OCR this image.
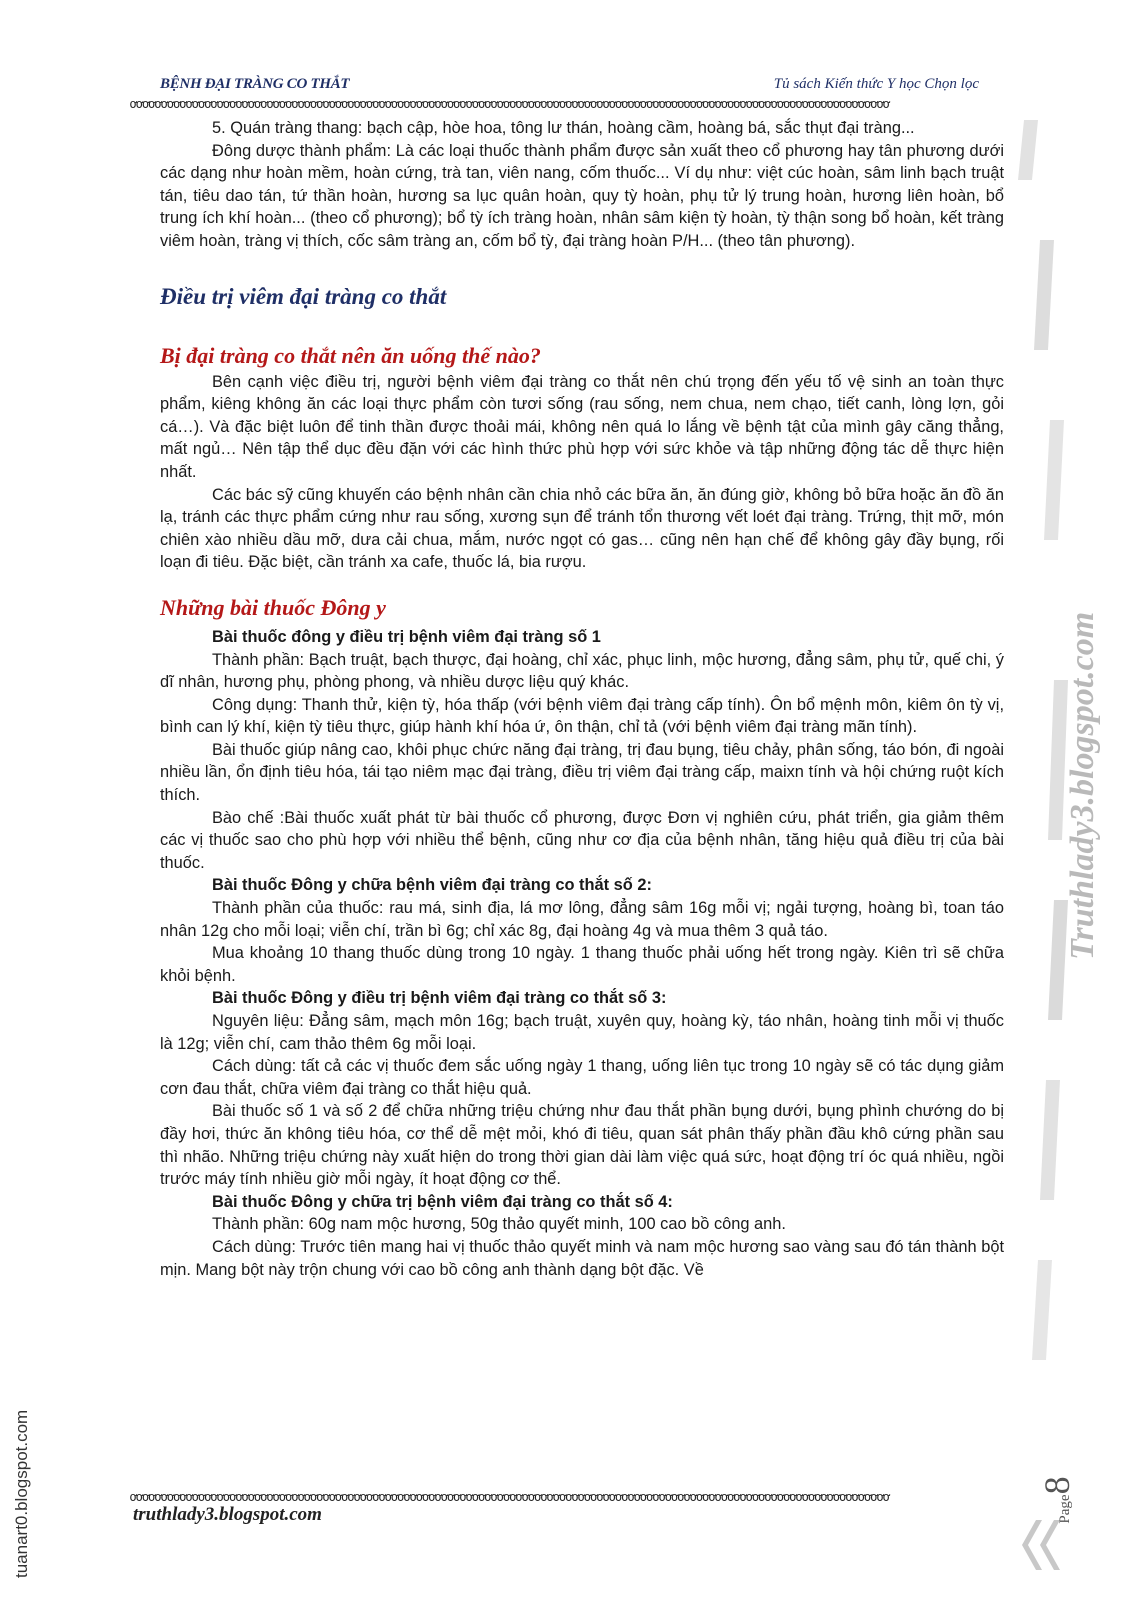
BỆNH ĐẠI TRÀNG CO THẮT	Tủ sách Kiến thức Y học Chọn lọc
ơơơơơơơơơơơơơơơơơơơơơơơơơơơơơơơơơơơơơơơơơơơơơơơơơơơơơơơơơơơơơơơơơơơơơơơơơơơơơơơơơơơơơơơơơơơơơơơơơơơơơơơơơơơơơơơơơơơơơơơơơơ

5. Quán tràng thang: bạch cập, hòe hoa, tông lư thán, hoàng cầm, hoàng bá, sắc thụt đại tràng...

Đông dược thành phẩm: Là các loại thuốc thành phẩm được sản xuất theo cổ phương hay tân phương dưới các dạng như hoàn mềm, hoàn cứng, trà tan, viên nang, cốm thuốc... Ví dụ như: việt cúc hoàn, sâm linh bạch truật tán, tiêu dao tán, tứ thần hoàn, hương sa lục quân hoàn, quy tỳ hoàn, phụ tử lý trung hoàn, hương liên hoàn, bổ trung ích khí hoàn... (theo cổ phương); bổ tỳ ích tràng hoàn, nhân sâm kiện tỳ hoàn, tỳ thận song bổ hoàn, kết tràng viêm hoàn, tràng vị thích, cốc sâm tràng an, cốm bổ tỳ, đại tràng hoàn P/H... (theo tân phương).

Điều trị viêm đại tràng co thắt

Bị đại tràng co thắt nên ăn uống thế nào?

Bên cạnh việc điều trị, người bệnh viêm đại tràng co thắt nên chú trọng đến yếu tố vệ sinh an toàn thực phẩm, kiêng không ăn các loại thực phẩm còn tươi sống (rau sống, nem chua, nem chạo, tiết canh, lòng lợn, gỏi cá…). Và đặc biệt luôn để tinh thần được thoải mái, không nên quá lo lắng về bệnh tật của mình gây căng thẳng, mất ngủ… Nên tập thể dục đều đặn với các hình thức phù hợp với sức khỏe và tập những động tác dễ thực hiện nhất.

Các bác sỹ cũng khuyến cáo bệnh nhân cần chia nhỏ các bữa ăn, ăn đúng giờ, không bỏ bữa hoặc ăn đồ ăn lạ, tránh các thực phẩm cứng như rau sống, xương sụn để tránh tổn thương vết loét đại tràng. Trứng, thịt mỡ, món chiên xào nhiều dầu mỡ, dưa cải chua, mắm, nước ngọt có gas… cũng nên hạn chế để không gây đầy bụng, rối loạn đi tiêu. Đặc biệt, cần tránh xa cafe, thuốc lá, bia rượu.

Những bài thuốc Đông y

Bài thuốc đông y điều trị bệnh viêm đại tràng số 1

Thành phần: Bạch truật, bạch thược, đại hoàng, chỉ xác, phục linh, mộc hương, đẳng sâm, phụ tử, quế chi, ý dĩ nhân, hương phụ, phòng phong, và nhiều dược liệu quý khác.

Công dụng: Thanh thử, kiện tỳ, hóa thấp (với bệnh viêm đại tràng cấp tính). Ôn bổ mệnh môn, kiêm ôn tỳ vị, bình can lý khí, kiện tỳ tiêu thực, giúp hành khí hóa ứ, ôn thận, chỉ tả (với bệnh viêm đại tràng mãn tính).

Bài thuốc giúp nâng cao, khôi phục chức năng đại tràng, trị đau bụng, tiêu chảy, phân sống, táo bón, đi ngoài nhiều lần, ổn định tiêu hóa, tái tạo niêm mạc đại tràng, điều trị viêm đại tràng cấp, maixn tính và hội chứng ruột kích thích.

Bào chế :Bài thuốc xuất phát từ bài thuốc cổ phương, được Đơn vị nghiên cứu, phát triển, gia giảm thêm các vị thuốc sao cho phù hợp với nhiều thể bệnh, cũng như cơ địa của bệnh nhân, tăng hiệu quả điều trị của bài thuốc.

Bài thuốc Đông y chữa bệnh viêm đại tràng co thắt số 2:

Thành phần của thuốc: rau má, sinh địa, lá mơ lông, đẳng sâm 16g mỗi vị; ngải tượng, hoàng bì, toan táo nhân 12g cho mỗi loại; viễn chí, trần bì 6g; chỉ xác 8g, đại hoàng 4g và mua thêm 3 quả táo.

Mua khoảng 10 thang thuốc dùng trong 10 ngày. 1 thang thuốc phải uống hết trong ngày. Kiên trì sẽ chữa khỏi bệnh.

Bài thuốc Đông y điều trị bệnh viêm đại tràng co thắt số 3:

Nguyên liệu: Đẳng sâm, mạch môn 16g; bạch truật, xuyên quy, hoàng kỳ, táo nhân, hoàng tinh mỗi vị thuốc là 12g; viễn chí, cam thảo thêm 6g mỗi loại.

Cách dùng: tất cả các vị thuốc đem sắc uống ngày 1 thang, uống liên tục trong 10 ngày sẽ có tác dụng giảm cơn đau thắt, chữa viêm đại tràng co thắt hiệu quả.

Bài thuốc số 1 và số 2 để chữa những triệu chứng như đau thắt phần bụng dưới, bụng phình chướng do bị đầy hơi, thức ăn không tiêu hóa, cơ thể dễ mệt mỏi, khó đi tiêu, quan sát phân thấy phần đầu khô cứng phần sau thì nhão. Những triệu chứng này xuất hiện do trong thời gian dài làm việc quá sức, hoạt động trí óc quá nhiều, ngồi trước máy tính nhiều giờ mỗi ngày, ít hoạt động cơ thể.

Bài thuốc Đông y chữa trị bệnh viêm đại tràng co thắt số 4:

Thành phần: 60g nam mộc hương, 50g thảo quyết minh, 100 cao bồ công anh.

Cách dùng: Trước tiên mang hai vị thuốc thảo quyết minh và nam mộc hương sao vàng sau đó tán thành bột mịn. Mang bột này trộn chung với cao bồ công anh thành dạng bột đặc. Về

ơơơơơơơơơơơơơơơơơơơơơơơơơơơơơơơơơơơơơơơơơơơơơơơơơơơơơơơơơơơơơơơơơơơơơơơơơơơơơơơơơơơơơơơơơơơơơơơơơơơơơơơơơơơơơơơơơơơơơơơơơơ
truthlady3.blogspot.com
Truthlady3.blogspot.com
Page8
tuanart0.blogspot.com
